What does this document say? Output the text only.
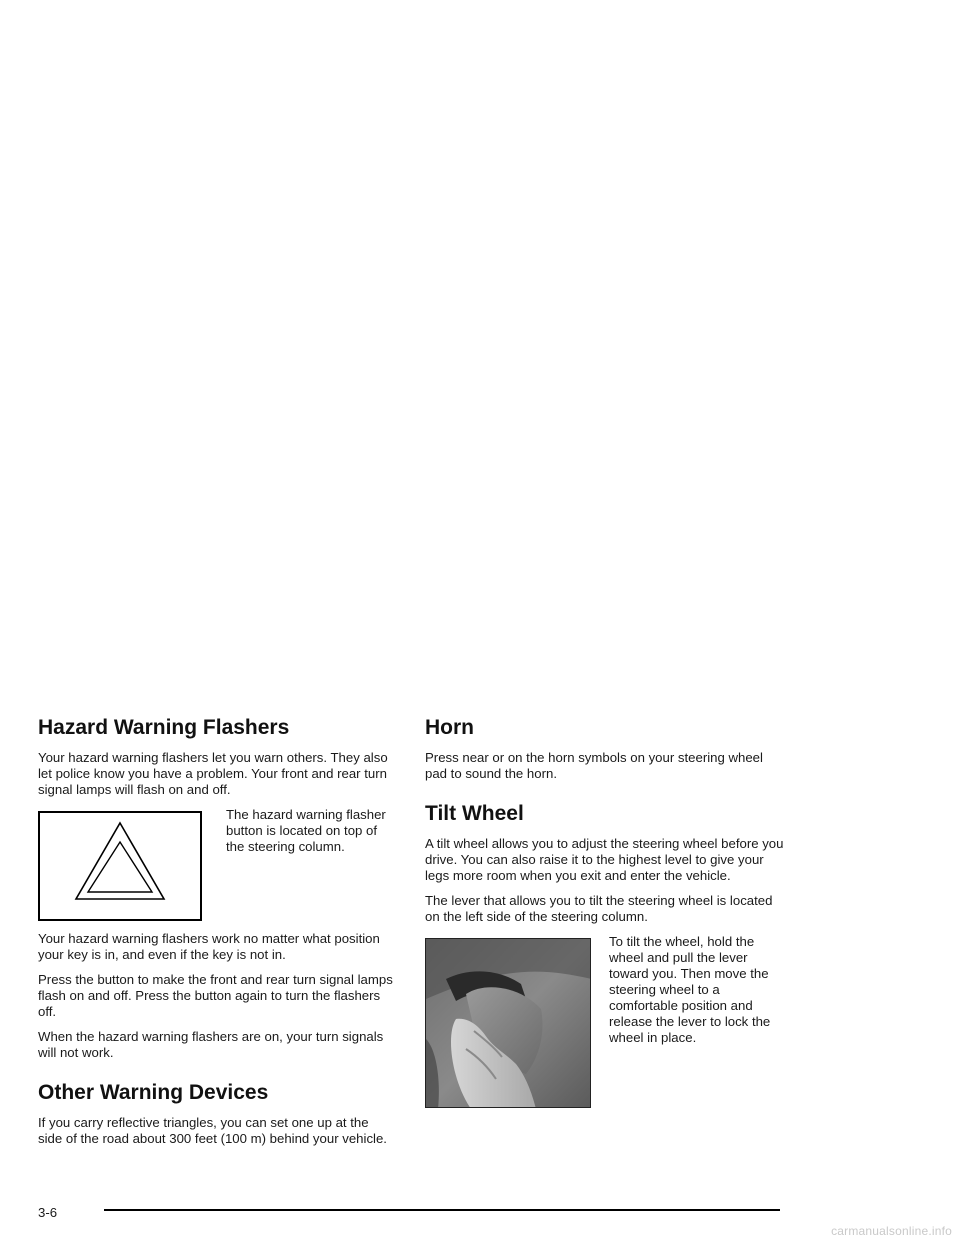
Hazard Warning Flashers

Your hazard warning flashers let you warn others. They also let police know you have a problem. Your front and rear turn signal lamps will flash on and off.

The hazard warning flasher button is located on top of the steering column.

Your hazard warning flashers work no matter what position your key is in, and even if the key is not in.

Press the button to make the front and rear turn signal lamps flash on and off. Press the button again to turn the flashers off.

When the hazard warning flashers are on, your turn signals will not work.

Other Warning Devices

If you carry reflective triangles, you can set one up at the side of the road about 300 feet (100 m) behind your vehicle.

Horn

Press near or on the horn symbols on your steering wheel pad to sound the horn.

Tilt Wheel

A tilt wheel allows you to adjust the steering wheel before you drive. You can also raise it to the highest level to give your legs more room when you exit and enter the vehicle.

The lever that allows you to tilt the steering wheel is located on the left side of the steering column.

To tilt the wheel, hold the wheel and pull the lever toward you. Then move the steering wheel to a comfortable position and release the lever to lock the wheel in place.

3-6
carmanualsonline.info
